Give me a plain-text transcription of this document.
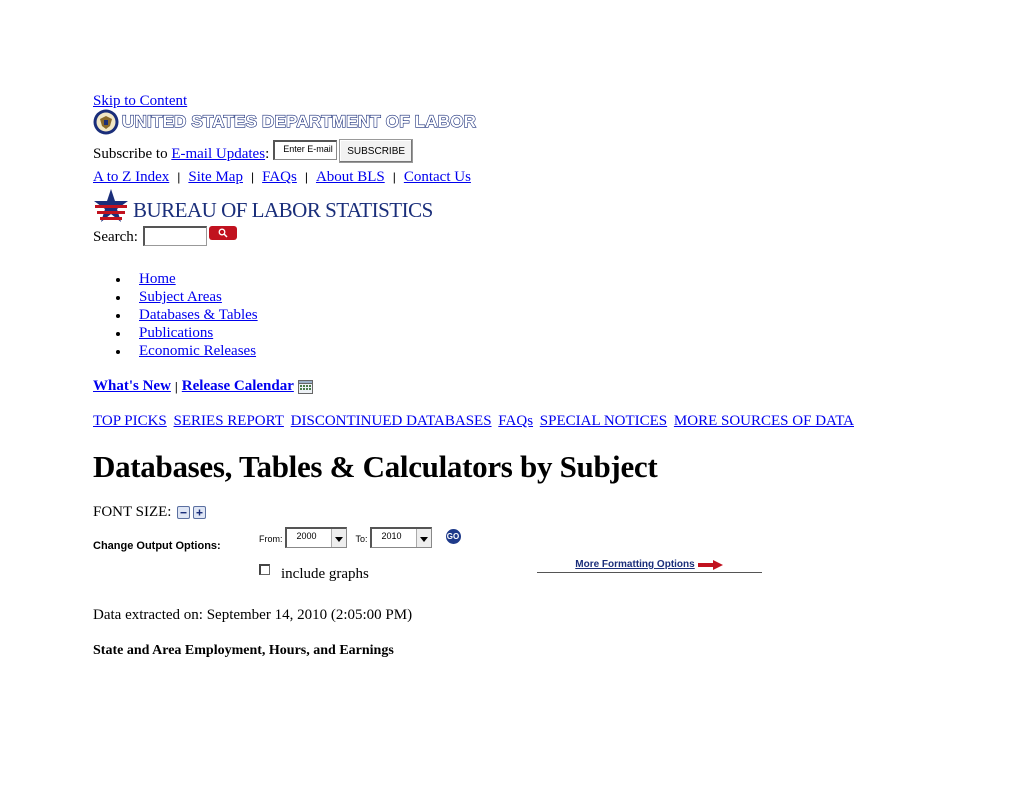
Skip to Content
UNITED STATES DEPARTMENT OF LABOR
Subscribe to E-mail Updates:	Enter E-mail	SUBSCRIBE
A to Z Index | Site Map | FAQs | About BLS | Contact Us
BUREAU OF LABOR STATISTICS
Search:
Home
Subject Areas
Databases & Tables
Publications
Economic Releases
What's New | Release Calendar
TOP PICKS SERIES REPORT DISCONTINUED DATABASES FAQs SPECIAL NOTICES MORE SOURCES OF DATA
Databases, Tables & Calculators by Subject
FONT SIZE:
Change Output Options:
From:	2000	To:	2010	GO
include graphs
More Formatting Options
Data extracted on: September 14, 2010 (2:05:00 PM)
State and Area Employment, Hours, and Earnings
